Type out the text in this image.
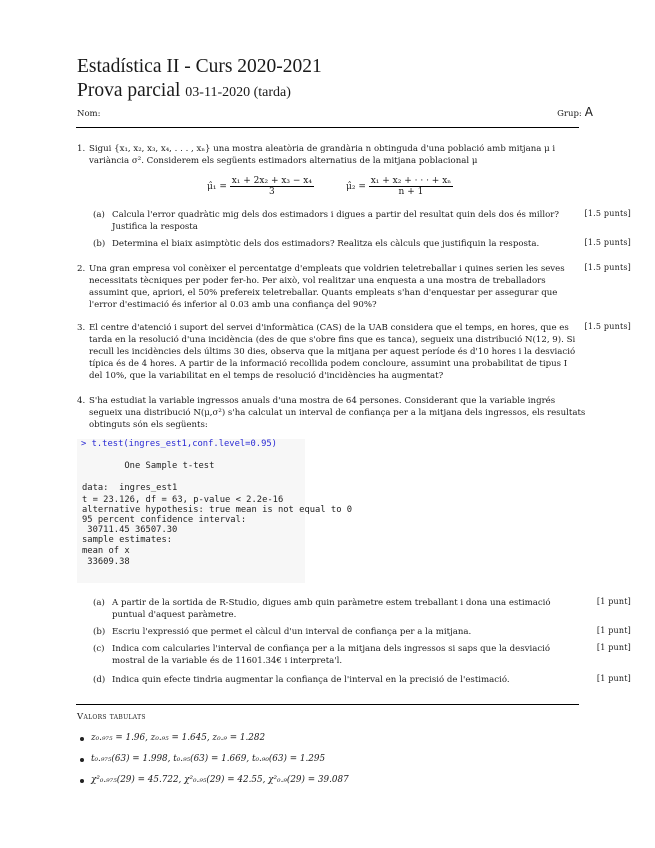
Estadística II - Curs 2020-2021
Prova parcial 03-11-2020 (tarda)
Nom:	Grup: A
1. Sigui {x₁, x₂, x₃, x₄, . . . , xₙ} una mostra aleatòria de grandària n obtinguda d'una població amb mitjana μ i variància σ². Considerem els següents estimadors alternatius de la mitjana poblacional μ
μ̂₁ = $\frac{\text{x₁ + 2x₂ + x₃ − x₄}}{3}$	μ̂₂ = $\frac{\text{x₁ + x₂ + · · · + xₙ}}{n + 1}$
(a) Calcula l'error quadràtic mig dels dos estimadors i digues a partir del resultat quin dels dos és millor? Justifica la resposta
[1.5 punts]
(b) Determina el biaix asimptòtic dels dos estimadors? Realitza els càlculs que justifiquin la resposta.	[1.5 punts]
2. Una gran empresa vol conèixer el percentatge d'empleats que voldrien teletreballar i quines serien les seves necessitats tècniques per poder fer-ho. Per això, vol realitzar una enquesta a una mostra de treballadors assumint que, apriori, el 50% prefereix teletreballar. Quants empleats s'han d'enquestar per assegurar que l'error d'estimació és inferior al 0.03 amb una confiança del 90%?
[1.5 punts]
3. El centre d'atenció i suport del servei d'informàtica (CAS) de la UAB considera que el temps, en hores, que es tarda en la resolució d'una incidència (des de que s'obre fins que es tanca), segueix una distribució N(12, 9). Si recull les incidències dels últims 30 dies, observa que la mitjana per aquest període és d'10 hores i la desviació típica és de 4 hores. A partir de la informació recollida podem concloure, assumint una probabilitat de tipus I del 10%, que la variabilitat en el temps de resolució d'incidències ha augmentat?
[1.5 punts]
4. S'ha estudiat la variable ingressos anuals d'una mostra de 64 persones. Considerant que la variable ingrés segueix una distribució N(μ,σ²) s'ha calculat un interval de confiança per a la mitjana dels ingressos, els resultats obtinguts són els següents:
> t.test(ingres_est1,conf.level=0.95)
One Sample t-test
data:  ingres_est1
t = 23.126, df = 63, p-value < 2.2e-16
alternative hypothesis: true mean is not equal to 0
95 percent confidence interval:
30711.45 36507.30
sample estimates:
mean of x
33609.38
(a) A partir de la sortida de R-Studio, digues amb quin paràmetre estem treballant i dona una estimació puntual d'aquest paràmetre.
[1 punt]
(b) Escriu l'expressió que permet el càlcul d'un interval de confiança per a la mitjana.	[1 punt]
(c) Indica com calcularies l'interval de confiança per a la mitjana dels ingressos si saps que la desviació mostral de la variable és de 11601.34€ i interpreta'l.
[1 punt]
(d) Indica quin efecte tindria augmentar la confiança de l'interval en la precisió de l'estimació.	[1 punt]
Valors tabulats
z₀.₉₇₅ = 1.96, z₀.₉₅ = 1.645, z₀.₉ = 1.282
t₀.₉₇₅(63) = 1.998, t₀.₉₅(63) = 1.669, t₀.₉₀(63) = 1.295
χ²₀.₉₇₅(29) = 45.722, χ²₀.₉₅(29) = 42.55, χ²₀.₉(29) = 39.087
